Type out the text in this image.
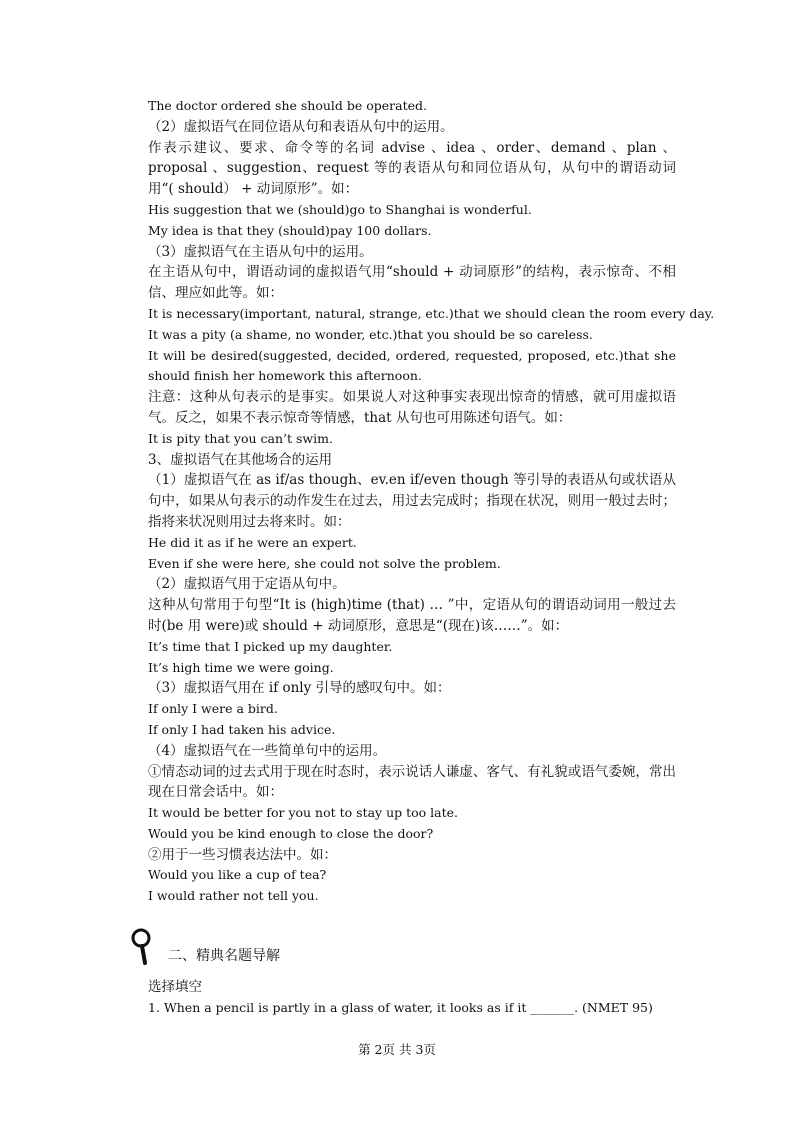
The doctor ordered she should be operated.
（2）虚拟语气在同位语从句和表语从句中的运用。
作表示建议、要求、命令等的名词 advise 、idea 、order、demand 、plan 、proposal 、suggestion、request 等的表语从句和同位语从句，从句中的谓语动词用“( should） + 动词原形”。如：
His suggestion that we (should)go to Shanghai is wonderful.
My idea is that they (should)pay 100 dollars.
（3）虚拟语气在主语从句中的运用。
在主语从句中，谓语动词的虚拟语气用“should + 动词原形”的结构，表示惊奇、不相信、理应如此等。如：
It is necessary(important, natural, strange, etc.)that we should clean the room every day.
It was a pity (a shame, no wonder, etc.)that you should be so careless.
It will be desired(suggested, decided, ordered, requested, proposed, etc.)that she should finish her homework this afternoon.
注意：这种从句表示的是事实。如果说人对这种事实表现出惊奇的情感，就可用虚拟语气。反之，如果不表示惊奇等情感，that 从句也可用陈述句语气。如：
It is pity that you can’t swim.
3、虚拟语气在其他场合的运用
（1）虚拟语气在 as if/as though、ev.en if/even though 等引导的表语从句或状语从句中，如果从句表示的动作发生在过去，用过去完成时；指现在状况，则用一般过去时；指将来状况则用过去将来时。如：
He did it as if he were an expert.
Even if she were here, she could not solve the problem.
（2）虚拟语气用于定语从句中。
这种从句常用于句型“It is (high)time (that) … ”中，定语从句的谓语动词用一般过去时(be 用 were)或 should + 动词原形，意思是“(现在)该……”。如：
It’s time that I picked up my daughter.
It’s high time we were going.
（3）虚拟语气用在 if only 引导的感叹句中。如：
If only I were a bird.
If only I had taken his advice.
（4）虚拟语气在一些简单句中的运用。
①情态动词的过去式用于现在时态时，表示说话人谦虚、客气、有礼貌或语气委婉，常出现在日常会话中。如：
It would be better for you not to stay up too late.
Would you be kind enough to close the door?
②用于一些习惯表达法中。如：
Would you like a cup of tea?
I would rather not tell you.
二、精典名题导解
选择填空
1. When a pencil is partly in a glass of water, it looks as if it _______. (NMET 95)
第 2页 共 3页
